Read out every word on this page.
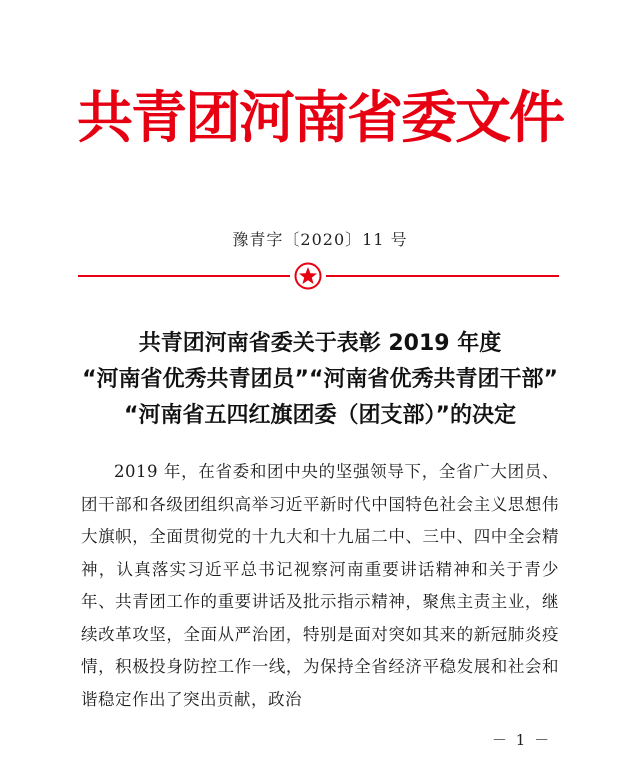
共青团河南省委文件
豫青字〔2020〕11 号
共青团河南省委关于表彰 2019 年度
“河南省优秀共青团员”“河南省优秀共青团干部”
“河南省五四红旗团委（团支部）”的决定
2019 年，在省委和团中央的坚强领导下，全省广大团员、团干部和各级团组织高举习近平新时代中国特色社会主义思想伟大旗帜，全面贯彻党的十九大和十九届二中、三中、四中全会精神，认真落实习近平总书记视察河南重要讲话精神和关于青少年、共青团工作的重要讲话及批示指示精神，聚焦主责主业，继续改革攻坚，全面从严治团，特别是面对突如其来的新冠肺炎疫情，积极投身防控工作一线，为保持全省经济平稳发展和社会和谐稳定作出了突出贡献，政治
－ 1 －
